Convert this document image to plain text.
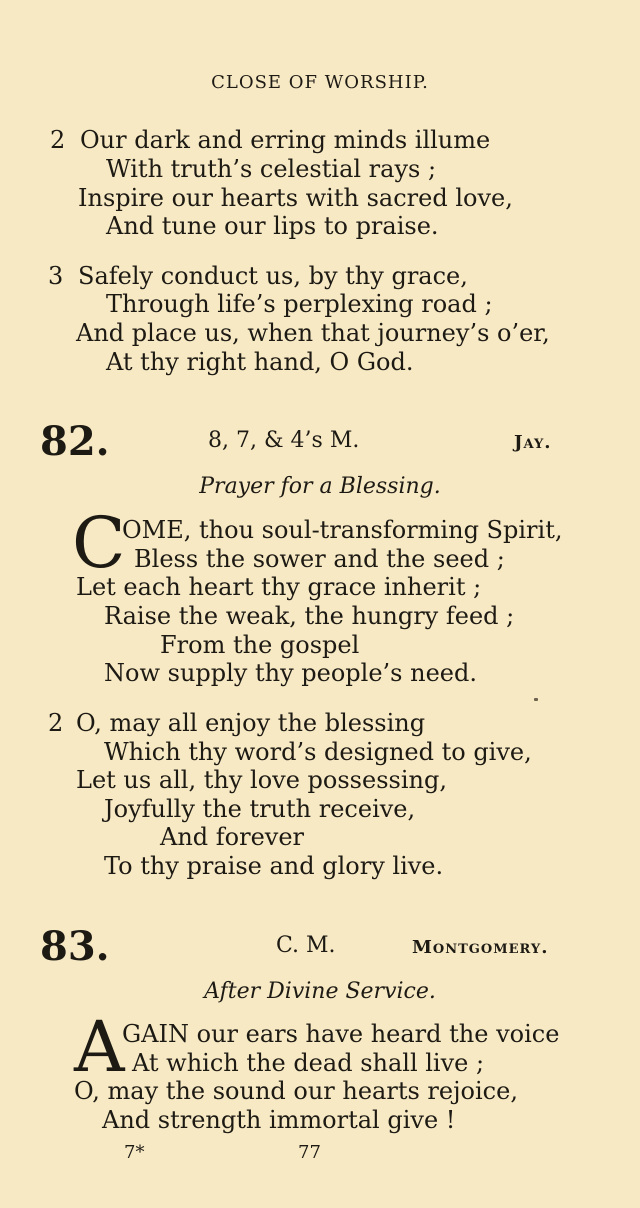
CLOSE OF WORSHIP.
2 Our dark and erring minds illume
With truth’s celestial rays ;
Inspire our hearts with sacred love,
And tune our lips to praise.
3 Safely conduct us, by thy grace,
Through life’s perplexing road ;
And place us, when that journey’s o’er,
At thy right hand, O God.
82.	8, 7, & 4’s M.	Jay.
Prayer for a Blessing.
C
OME, thou soul-transforming Spirit,
Bless the sower and the seed ;
Let each heart thy grace inherit ;
Raise the weak, the hungry feed ;
From the gospel
Now supply thy people’s need.
2 O, may all enjoy the blessing
Which thy word’s designed to give,
Let us all, thy love possessing,
Joyfully the truth receive,
And forever
To thy praise and glory live.
83.	C. M.	Montgomery.
After Divine Service.
A
GAIN our ears have heard the voice
At which the dead shall live ;
O, may the sound our hearts rejoice,
And strength immortal give !
7*	77
